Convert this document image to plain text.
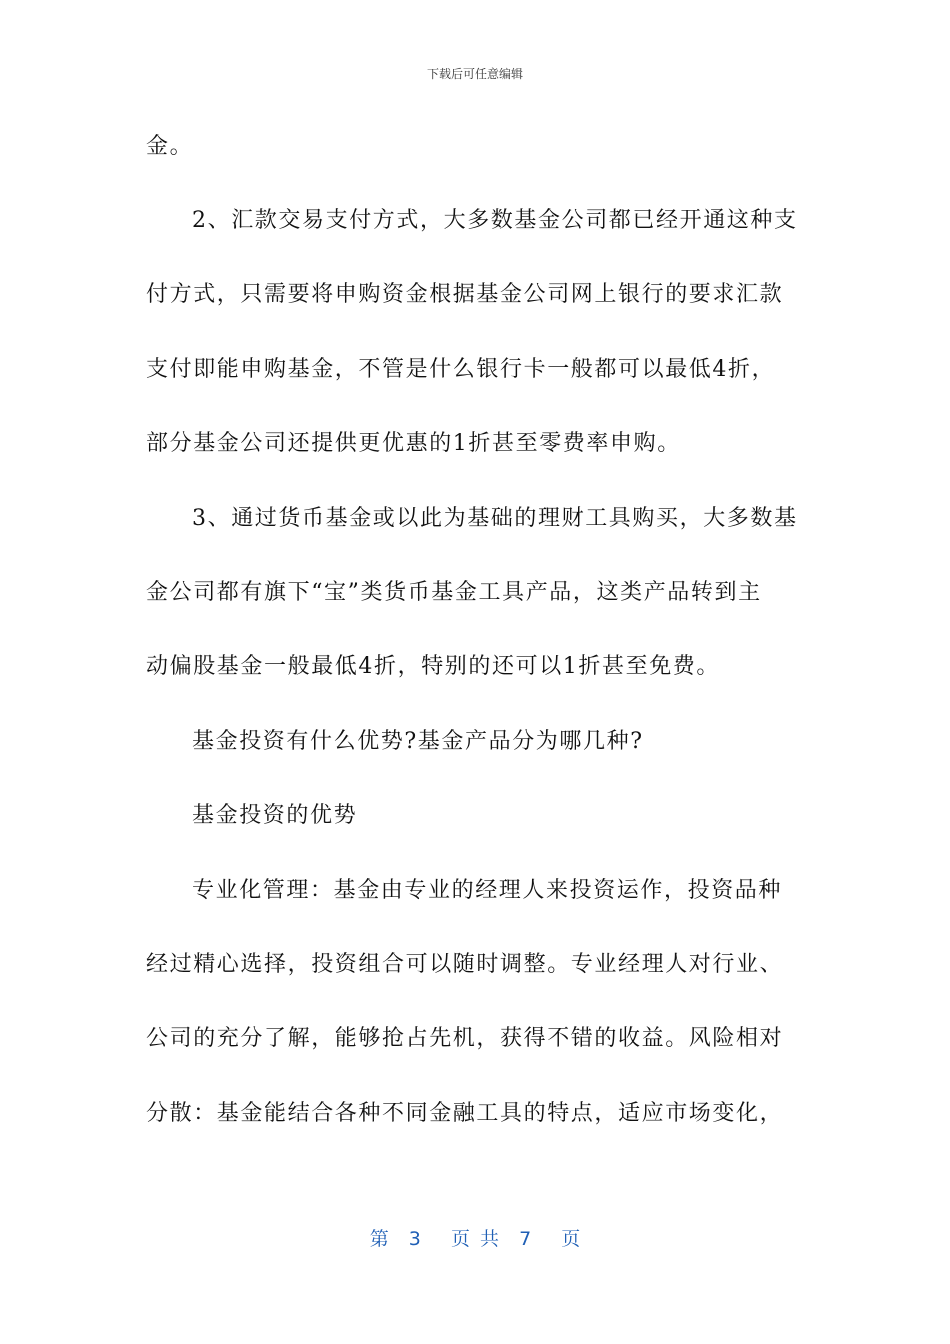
下载后可任意编辑
金。
2、汇款交易支付方式，大多数基金公司都已经开通这种支
付方式，只需要将申购资金根据基金公司网上银行的要求汇款
支付即能申购基金，不管是什么银行卡一般都可以最低4折，
部分基金公司还提供更优惠的1折甚至零费率申购。
3、通过货币基金或以此为基础的理财工具购买，大多数基
金公司都有旗下“宝”类货币基金工具产品，这类产品转到主
动偏股基金一般最低4折，特别的还可以1折甚至免费。
基金投资有什么优势?基金产品分为哪几种?
基金投资的优势
专业化管理：基金由专业的经理人来投资运作，投资品种
经过精心选择，投资组合可以随时调整。专业经理人对行业、
公司的充分了解，能够抢占先机，获得不错的收益。风险相对
分散：基金能结合各种不同金融工具的特点，适应市场变化，
第  3   页 共  7   页
